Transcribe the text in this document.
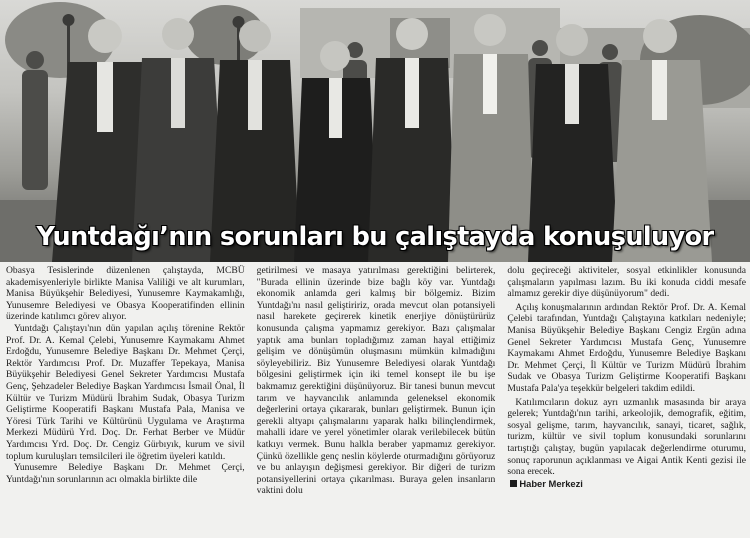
Yuntdağı’nın sorunları bu çalıştayda konuşuluyor

Obasya Tesislerinde düzenlenen çalıştayda, MCBÜ akademisyenleriyle birlikte Manisa Valiliği ve alt kurumları, Manisa Büyükşehir Belediyesi, Yunusemre Kaymakamlığı, Yunusemre Belediyesi ve Obasya Kooperatifinden ellinin üzerinde katılımcı görev alıyor.

Yuntdağı Çalıştayı'nın dün yapılan açılış törenine Rektör Prof. Dr. A. Kemal Çelebi, Yunusemre Kaymakamı Ahmet Erdoğdu, Yunusemre Belediye Başkanı Dr. Mehmet Çerçi, Rektör Yardımcısı Prof. Dr. Muzaffer Tepekaya, Manisa Büyükşehir Belediyesi Genel Sekreter Yardımcısı Mustafa Genç, Şehzadeler Belediye Başkan Yardımcısı İsmail Önal, İl Kültür ve Turizm Müdürü İbrahim Sudak, Obasya Turizm Geliştirme Kooperatifi Başkanı Mustafa Pala, Manisa ve Yöresi Türk Tarihi ve Kültürünü Uygulama ve Araştırma Merkezi Müdürü Yrd. Doç. Dr. Ferhat Berber ve Müdür Yardımcısı Yrd. Doç. Dr. Cengiz Gürbıyık, kurum ve sivil toplum kuruluşları temsilcileri ile öğretim üyeleri katıldı.

Yunusemre Belediye Başkanı Dr. Mehmet Çerçi, Yuntdağı'nın sorunlarının acı olmakla birlikte dile

getirilmesi ve masaya yatırılması gerektiğini belirterek, "Burada ellinin üzerinde bize bağlı köy var. Yuntdağı ekonomik anlamda geri kalmış bir bölgemiz. Bizim Yuntdağı'nı nasıl geliştiririz, orada mevcut olan potansiyeli nasıl harekete geçirerek kinetik enerjiye dönüştürürüz konusunda çalışma yapmamız gerekiyor. Bazı çalışmalar yaptık ama bunları topladığımız zaman hayal ettiğimiz gelişim ve dönüşümün oluşmasını mümkün kılmadığını söyleyebiliriz. Biz Yunusemre Belediyesi olarak Yuntdağı bölgesini geliştirmek için iki temel konsept ile bu işe bakmamız gerektiğini düşünüyoruz. Bir tanesi bunun mevcut tarım ve hayvancılık anlamında geleneksel ekonomik değerlerini ortaya çıkararak, bunları geliştirmek. Bunun için gerekli altyapı çalışmalarını yaparak halkı bilinçlendirmek, mahalli idare ve yerel yönetimler olarak verilebilecek bütün katkıyı vermek. Bunu halkla beraber yapmamız gerekiyor. Çünkü özellikle genç neslin köylerde oturmadığını görüyoruz ve bu anlayışın değişmesi gerekiyor. Bir diğeri de turizm potansiyellerini ortaya çıkarılması. Buraya gelen insanların vaktini dolu

dolu geçireceği aktiviteler, sosyal etkinlikler konusunda çalışmaların yapılması lazım. Bu iki konuda ciddi mesafe almamız gerekir diye düşünüyorum" dedi.

Açılış konuşmalarının ardından Rektör Prof. Dr. A. Kemal Çelebi tarafından, Yuntdağı Çalıştayına katkıları nedeniyle; Manisa Büyükşehir Belediye Başkanı Cengiz Ergün adına Genel Sekreter Yardımcısı Mustafa Genç, Yunusemre Kaymakamı Ahmet Erdoğdu, Yunusemre Belediye Başkanı Dr. Mehmet Çerçi, İl Kültür ve Turizm Müdürü İbrahim Sudak ve Obasya Turizm Geliştirme Kooperatifi Başkanı Mustafa Pala'ya teşekkür belgeleri takdim edildi.

Katılımcıların dokuz ayrı uzmanlık masasında bir araya gelerek; Yuntdağı'nın tarihi, arkeolojik, demografik, eğitim, sosyal gelişme, tarım, hayvancılık, sanayi, ticaret, sağlık, turizm, kültür ve sivil toplum konusundaki sorunlarını tartıştığı çalıştay, bugün yapılacak değerlendirme oturumu, sonuç raporunun açıklanması ve Aigai Antik Kenti gezisi ile sona erecek.

Haber Merkezi
